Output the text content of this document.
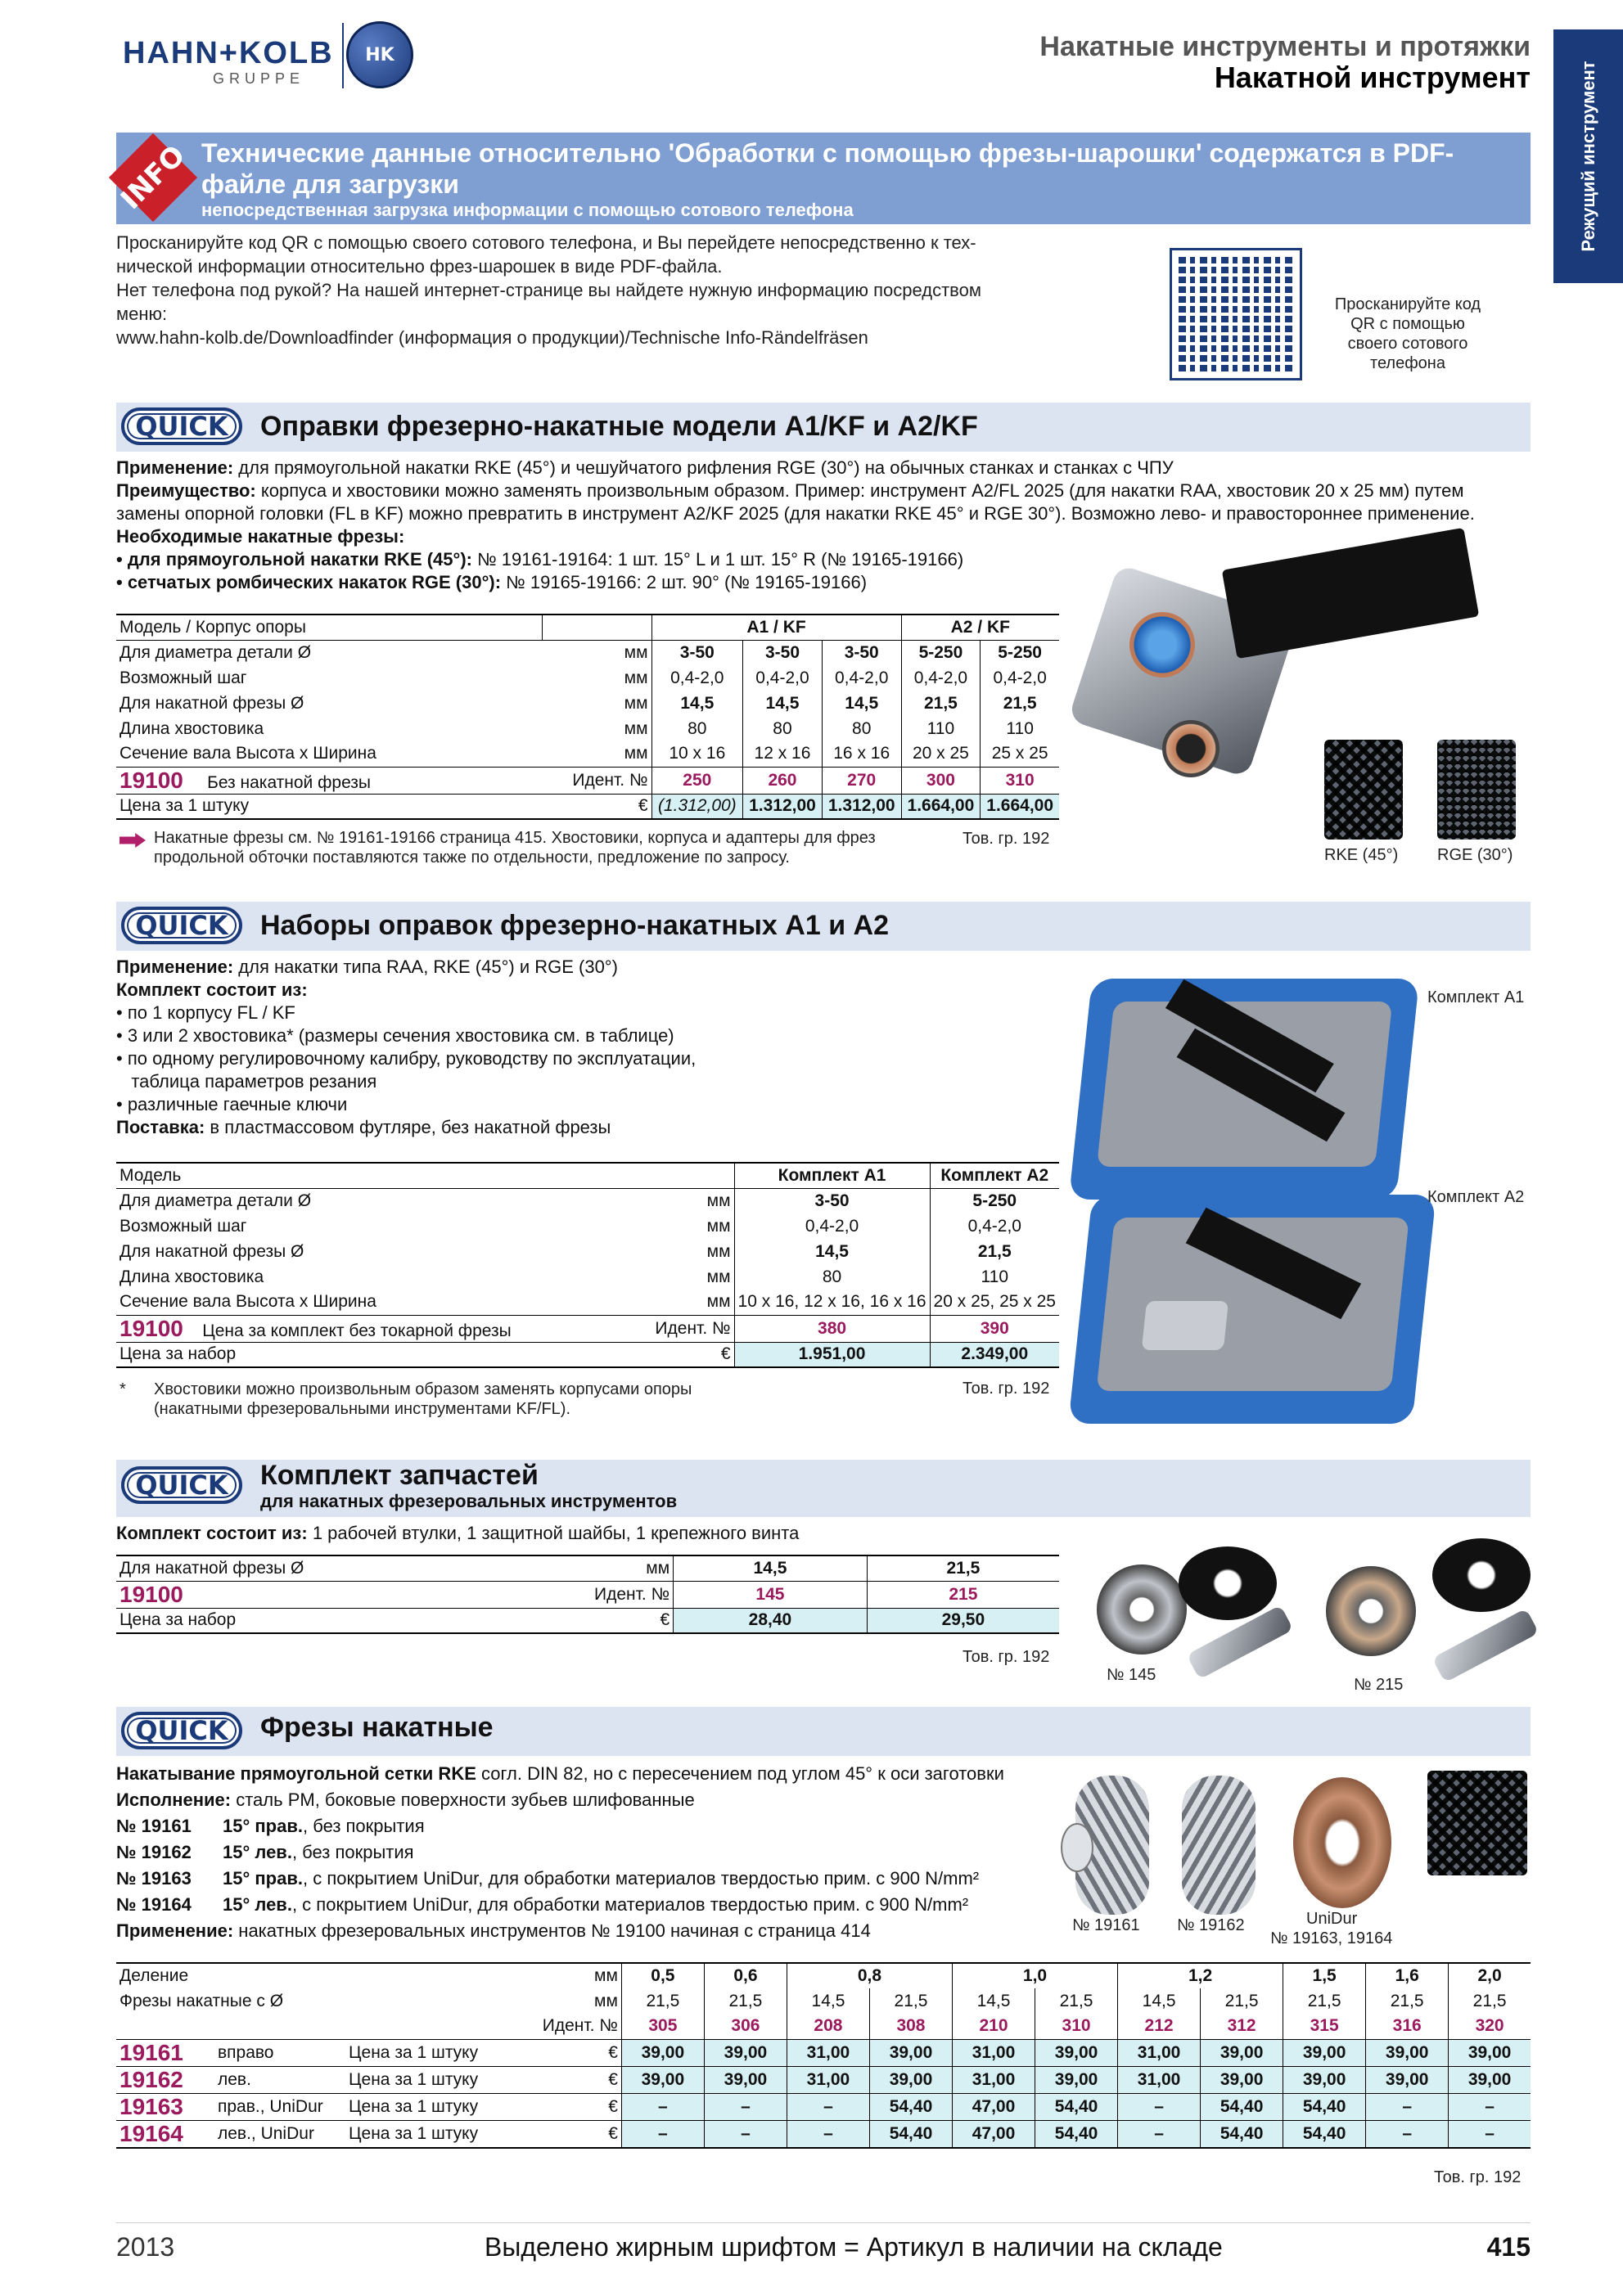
HAHN+KOLB
GRUPPE
HK	Накатные инструменты и протяжки
Накатной инструмент	Режущий инструмент
INFO Технические данные относительно 'Обработки с помощью фрезы-шарошки' содержатся в PDF-файле для загрузки
непосредственная загрузка информации с помощью сотового телефона
Просканируйте код QR с помощью своего сотового телефона, и Вы перейдете непосредственно к тех-
нической информации относительно фрез-шарошек в виде PDF-файла.
Нет телефона под рукой? На нашей интернет-странице вы найдете нужную информацию посредством
меню:
www.hahn-kolb.de/Downloadfinder (информация о продукции)/Technische Info-Rändelfräsen
Просканируйте код QR с помощью своего сотового телефона
QUICK	Оправки фрезерно-накатные модели A1/KF и A2/KF
Применение: для прямоугольной накатки RKE (45°) и чешуйчатого рифления RGE (30°) на обычных станках и станках с ЧПУ
Преимущество: корпуса и хвостовики можно заменять произвольным образом. Пример: инструмент A2/FL 2025 (для накатки RAA, хвостовик 20 x 25 мм) путем
замены опорной головки (FL в KF) можно превратить в инструмент A2/KF 2025 (для накатки RKE 45° и RGE 30°). Возможно лево- и правостороннее применение.
Необходимые накатные фрезы:
• для прямоугольной накатки RKE (45°): № 19161-19164: 1 шт. 15° L и 1 шт. 15° R (№ 19165-19166)
• сетчатых ромбических накаток RGE (30°): № 19165-19166: 2 шт. 90° (№ 19165-19166)
Модель / Корпус опоры		A1 / KF			A2 / KF	
Для диаметра детали Ø	мм	3-50	3-50	3-50	5-250	5-250
Возможный шаг	мм	0,4-2,0	0,4-2,0	0,4-2,0	0,4-2,0	0,4-2,0
Для накатной фрезы Ø	мм	14,5	14,5	14,5	21,5	21,5
Длина хвостовика	мм	80	80	80	110	110
Сечение вала Высота x Ширина	мм	10 x 16	12 x 16	16 x 16	20 x 25	25 x 25
19100 Без накатной фрезы	Идент. №	250	260	270	300	310
Цена за 1 штуку	€	(1.312,00)	1.312,00	1.312,00	1.664,00	1.664,00
Накатные фрезы см. № 19161-19166 страница 415. Хвостовики, корпуса и адаптеры для фрез
продольной обточки поставляются также по отдельности, предложение по запросу.
Тов. гр. 192
RKE (45°) RGE (30°)
QUICK	Наборы оправок фрезерно-накатных A1 и A2
Применение: для накатки типа RAA, RKE (45°) и RGE (30°)
Комплект состоит из:
• по 1 корпусу FL / KF
• 3 или 2 хвостовика* (размеры сечения хвостовика см. в таблице)
• по одному регулировочному калибру, руководству по эксплуатации,
таблица параметров резания
• различные гаечные ключи
Поставка: в пластмассовом футляре, без накатной фрезы
Модель		Комплект A1	Комплект A2
Для диаметра детали Ø	мм	3-50	5-250
Возможный шаг	мм	0,4-2,0	0,4-2,0
Для накатной фрезы Ø	мм	14,5	21,5
Длина хвостовика	мм	80	110
Сечение вала Высота x Ширина	мм	10 x 16, 12 x 16, 16 x 16	20 x 25, 25 x 25
19100 Цена за комплект без токарной фрезы	Идент. №	380	390
Цена за набор	€	1.951,00	2.349,00
* Хвостовики можно произвольным образом заменять корпусами опоры
(накатными фрезеровальными инструментами KF/FL).
Тов. гр. 192
Комплект A1
Комплект A2
QUICK	Комплект запчастей
для накатных фрезеровальных инструментов
Комплект состоит из: 1 рабочей втулки, 1 защитной шайбы, 1 крепежного винта
Для накатной фрезы Ø	мм	14,5	21,5
19100	Идент. №	145	215
Цена за набор	€	28,40	29,50
Тов. гр. 192
№ 145
№ 215
QUICK	Фрезы накатные
Накатывание прямоугольной сетки RKE согл. DIN 82, но с пересечением под углом 45° к оси заготовки
Исполнение: сталь PM, боковые поверхности зубьев шлифованные
№ 19161 15° прав., без покрытия
№ 19162 15° лев., без покрытия
№ 19163 15° прав., с покрытием UniDur, для обработки материалов твердостью прим. с 900 N/mm²
№ 19164 15° лев., с покрытием UniDur, для обработки материалов твердостью прим. с 900 N/mm²
Применение: накатных фрезеровальных инструментов № 19100 начиная с страница 414	№ 19161 № 19162	UniDur
№ 19163, 19164
Деление			мм	0,5	0,6	0,8		1,0		1,2		1,5	1,6	2,0
Фрезы накатные с Ø			мм	21,5	21,5	14,5	21,5	14,5	21,5	14,5	21,5	21,5	21,5	21,5
Идент. №				305	306	208	308	210	310	212	312	315	316	320
19161	вправо	Цена за 1 штуку	€	39,00	39,00	31,00	39,00	31,00	39,00	31,00	39,00	39,00	39,00	39,00
19162	лев.	Цена за 1 штуку	€	39,00	39,00	31,00	39,00	31,00	39,00	31,00	39,00	39,00	39,00	39,00
19163	прав., UniDur	Цена за 1 штуку	€	–	–	–	54,40	47,00	54,40	–	54,40	54,40	–	–
19164	лев., UniDur	Цена за 1 штуку	€	–	–	–	54,40	47,00	54,40	–	54,40	54,40	–	–
Тов. гр. 192
2013	Выделено жирным шрифтом = Артикул в наличии на складе	415
